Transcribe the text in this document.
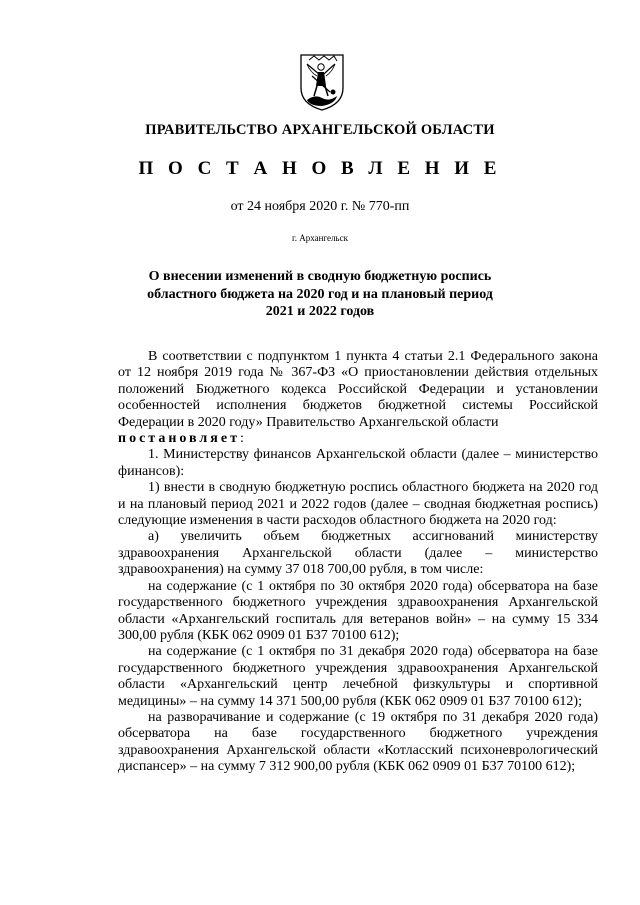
ПРАВИТЕЛЬСТВО АРХАНГЕЛЬСКОЙ ОБЛАСТИ
П О С Т А Н О В Л Е Н И Е
от 24 ноября 2020 г. № 770-пп
г. Архангельск
О внесении изменений в сводную бюджетную роспись
областного бюджета на 2020 год и на плановый период
2021 и 2022 годов

В соответствии с подпунктом 1 пункта 4 статьи 2.1 Федерального закона от 12 ноября 2019 года № 367-ФЗ «О приостановлении действия отдельных положений Бюджетного кодекса Российской Федерации и установлении особенностей исполнения бюджетов бюджетной системы Российской Федерации в 2020 году» Правительство Архангельской области
постановляет:

1. Министерству финансов Архангельской области (далее – министерство финансов):

1) внести в сводную бюджетную роспись областного бюджета на 2020 год и на плановый период 2021 и 2022 годов (далее – сводная бюджетная роспись) следующие изменения в части расходов областного бюджета на 2020 год:

а) увеличить объем бюджетных ассигнований министерству здравоохранения Архангельской области (далее – министерство здравоохранения) на сумму 37 018 700,00 рубля, в том числе:

на содержание (с 1 октября по 30 октября 2020 года) обсерватора на базе государственного бюджетного учреждения здравоохранения Архангельской области «Архангельский госпиталь для ветеранов войн» – на сумму 15 334 300,00 рубля (КБК 062 0909 01 Б37 70100 612);

на содержание (с 1 октября по 31 декабря 2020 года) обсерватора на базе государственного бюджетного учреждения здравоохранения Архангельской области «Архангельский центр лечебной физкультуры и спортивной медицины» – на сумму 14 371 500,00 рубля (КБК 062 0909 01 Б37 70100 612);

на разворачивание и содержание (с 19 октября по 31 декабря 2020 года) обсерватора на базе государственного бюджетного учреждения здравоохранения Архангельской области «Котласский психоневрологический диспансер» – на сумму 7 312 900,00 рубля (КБК 062 0909 01 Б37 70100 612);
